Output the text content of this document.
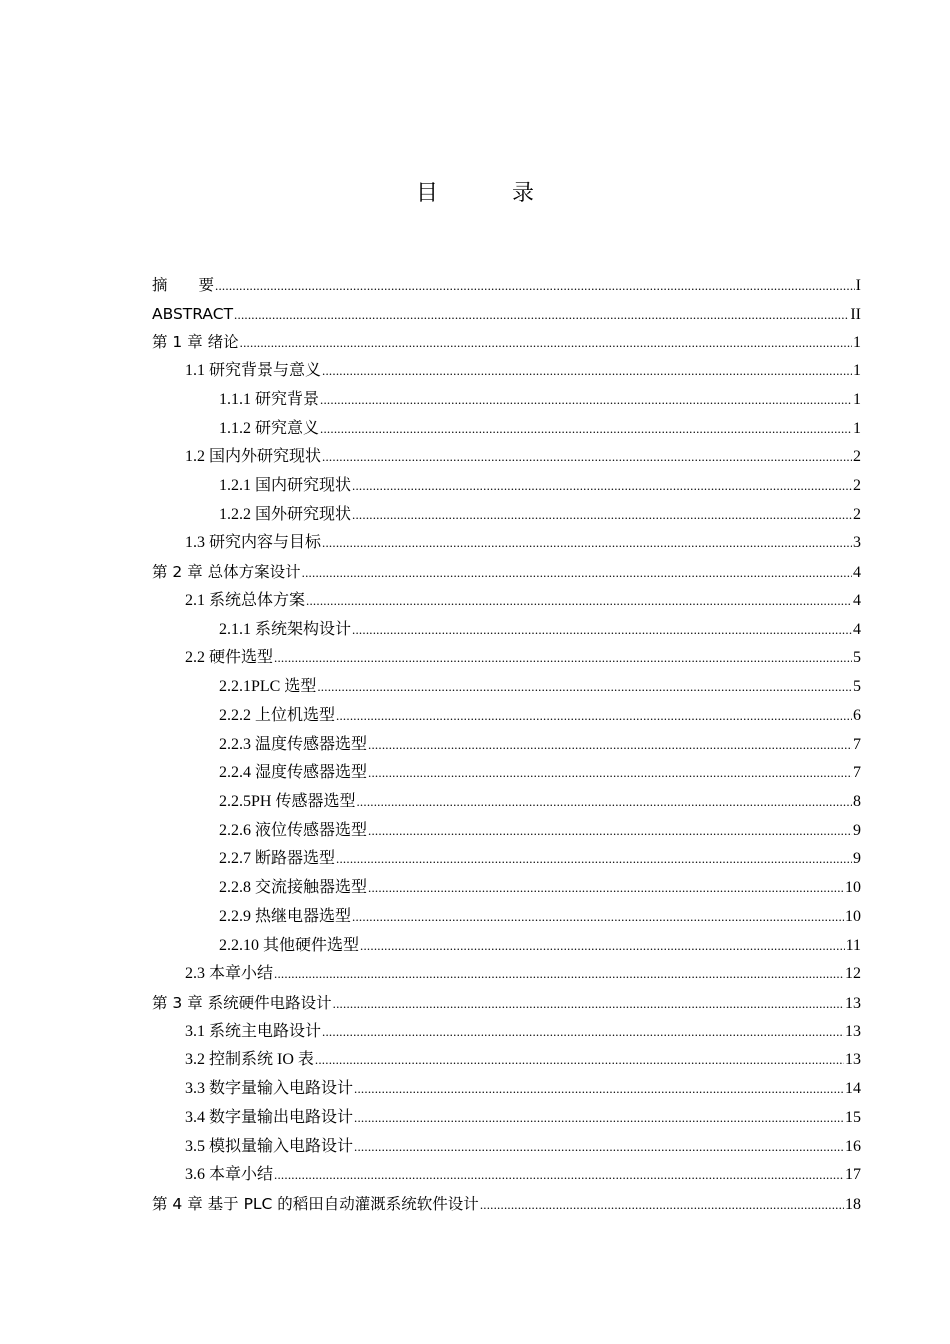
目　录
摘　　要 .....	I
ABSTRACT .....	II
第 1 章 绪论 .....	1
1.1 研究背景与意义 .....	1
1.1.1 研究背景 .....	1
1.1.2 研究意义 .....	1
1.2 国内外研究现状 .....	2
1.2.1 国内研究现状 .....	2
1.2.2 国外研究现状 .....	2
1.3 研究内容与目标 .....	3
第 2 章 总体方案设计 .....	4
2.1 系统总体方案 .....	4
2.1.1 系统架构设计 .....	4
2.2 硬件选型 .....	5
2.2.1PLC 选型 .....	5
2.2.2 上位机选型 .....	6
2.2.3 温度传感器选型 .....	7
2.2.4 湿度传感器选型 .....	7
2.2.5PH 传感器选型 .....	8
2.2.6 液位传感器选型 .....	9
2.2.7 断路器选型 .....	9
2.2.8 交流接触器选型 .....	10
2.2.9 热继电器选型 .....	10
2.2.10 其他硬件选型 .....	11
2.3 本章小结 .....	12
第 3 章 系统硬件电路设计 .....	13
3.1 系统主电路设计 .....	13
3.2 控制系统 IO 表 .....	13
3.3 数字量输入电路设计 .....	14
3.4 数字量输出电路设计 .....	15
3.5 模拟量输入电路设计 .....	16
3.6 本章小结 .....	17
第 4 章 基于 PLC 的稻田自动灌溉系统软件设计 .....	18
